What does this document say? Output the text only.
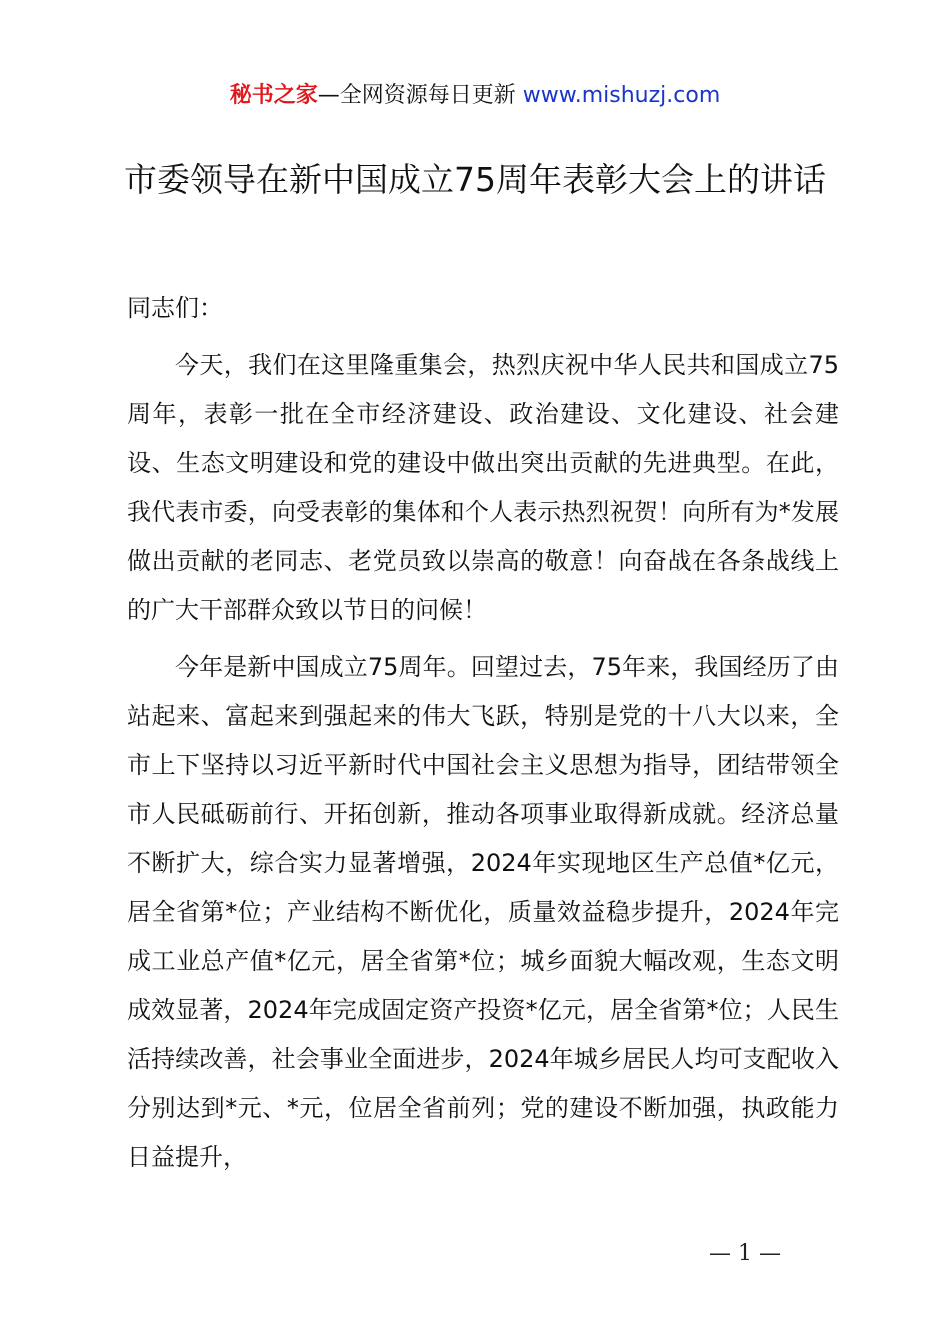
秘书之家—全网资源每日更新 www.mishuzj.com
市委领导在新中国成立75周年表彰大会上的讲话

同志们：

今天，我们在这里隆重集会，热烈庆祝中华人民共和国成立75周年，表彰一批在全市经济建设、政治建设、文化建设、社会建设、生态文明建设和党的建设中做出突出贡献的先进典型。在此，我代表市委，向受表彰的集体和个人表示热烈祝贺！向所有为*发展做出贡献的老同志、老党员致以崇高的敬意！向奋战在各条战线上的广大干部群众致以节日的问候！

今年是新中国成立75周年。回望过去，75年来，我国经历了由站起来、富起来到强起来的伟大飞跃，特别是党的十八大以来，全市上下坚持以习近平新时代中国社会主义思想为指导，团结带领全市人民砥砺前行、开拓创新，推动各项事业取得新成就。经济总量不断扩大，综合实力显著增强，2024年实现地区生产总值*亿元，居全省第*位；产业结构不断优化，质量效益稳步提升，2024年完成工业总产值*亿元，居全省第*位；城乡面貌大幅改观，生态文明成效显著，2024年完成固定资产投资*亿元，居全省第*位；人民生活持续改善，社会事业全面进步，2024年城乡居民人均可支配收入分别达到*元、*元，位居全省前列；党的建设不断加强，执政能力日益提升，

— 1 —
